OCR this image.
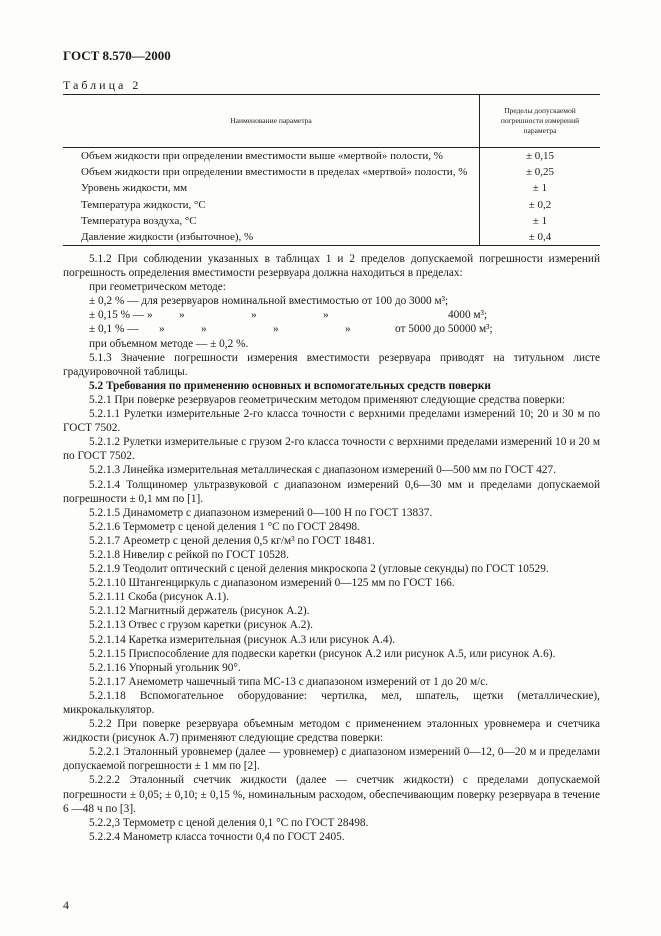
ГОСТ 8.570—2000
Таблица 2
Наименование параметра	Пределы допускаемой
погрешности измерений
параметра
Объем жидкости при определении вместимости выше «мертвой» полости, %	± 0,15
Объем жидкости при определении вместимости в пределах «мертвой» полости, %	± 0,25
Уровень жидкости, мм	± 1
Температура жидкости, °С	± 0,2
Температура воздуха, °С	± 1
Давление жидкости (избыточное), %	± 0,4

5.1.2 При соблюдении указанных в таблицах 1 и 2 пределов допускаемой погрешности измерений погрешность определения вместимости резервуара должна находиться в пределах:

при геометрическом методе:

± 0,2 % — для резервуаров номинальной вместимостью от 100 до 3000 м³;

± 0,15 % — »	»	»	»	4000 м³;
± 0,1 % —	»	»	»	»	от 5000 до 50000 м³;

при объемном методе — ± 0,2 %.

5.1.3 Значение погрешности измерения вместимости резервуара приводят на титульном листе градуировочной таблицы.

5.2 Требования по применению основных и вспомогательных средств поверки

5.2.1 При поверке резервуаров геометрическим методом применяют следующие средства поверки:

5.2.1.1 Рулетки измерительные 2-го класса точности с верхними пределами измерений 10; 20 и 30 м по ГОСТ 7502.

5.2.1.2 Рулетки измерительные с грузом 2-го класса точности с верхними пределами измерений 10 и 20 м по ГОСТ 7502.

5.2.1.3 Линейка измерительная металлическая с диапазоном измерений 0—500 мм по ГОСТ 427.

5.2.1.4 Толщиномер ультразвуковой с диапазоном измерений 0,6—30 мм и пределами допускаемой погрешности ± 0,1 мм по [1].

5.2.1.5 Динамометр с диапазоном измерений 0—100 Н по ГОСТ 13837.

5.2.1.6 Термометр с ценой деления 1 °С по ГОСТ 28498.

5.2.1.7 Ареометр с ценой деления 0,5 кг/м³ по ГОСТ 18481.

5.2.1.8 Нивелир с рейкой по ГОСТ 10528.

5.2.1.9 Теодолит оптический с ценой деления микроскопа 2 (угловые секунды) по ГОСТ 10529.

5.2.1.10 Штангенциркуль с диапазоном измерений 0—125 мм по ГОСТ 166.

5.2.1.11 Скоба (рисунок А.1).

5.2.1.12 Магнитный держатель (рисунок А.2).

5.2.1.13 Отвес с грузом каретки (рисунок А.2).

5.2.1.14 Каретка измерительная (рисунок А.3 или рисунок А.4).

5.2.1.15 Приспособление для подвески каретки (рисунок А.2 или рисунок А.5, или рисунок А.6).

5.2.1.16 Упорный угольник 90°.

5.2.1.17 Анемометр чашечный типа МС-13 с диапазоном измерений от 1 до 20 м/с.

5.2.1.18 Вспомогательное оборудование: чертилка, мел, шпатель, щетки (металлические), микрокалькулятор.

5.2.2 При поверке резервуара объемным методом с применением эталонных уровнемера и счетчика жидкости (рисунок А.7) применяют следующие средства поверки:

5.2.2.1 Эталонный уровнемер (далее — уровнемер) с диапазоном измерений 0—12, 0—20 м и пределами допускаемой погрешности ± 1 мм по [2].

5.2.2.2 Эталонный счетчик жидкости (далее — счетчик жидкости) с пределами допускаемой погрешности ± 0,05; ± 0,10; ± 0,15 %, номинальным расходом, обеспечивающим поверку резервуара в течение 6 —48 ч по [3].

5.2.2,3 Термометр с ценой деления 0,1 °С по ГОСТ 28498.

5.2.2.4 Манометр класса точности 0,4 по ГОСТ 2405.

4
